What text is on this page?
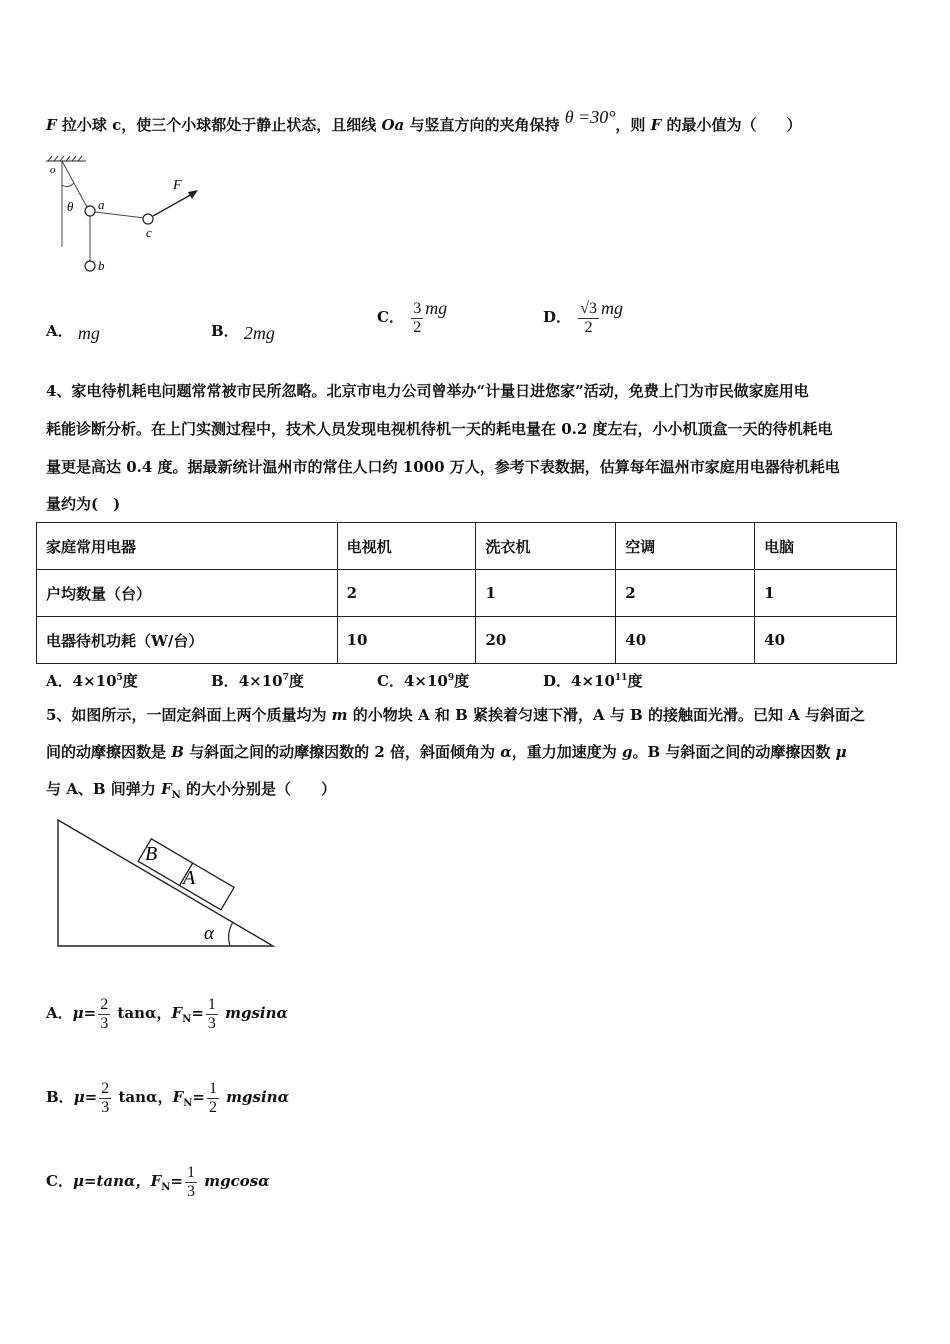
F 拉小球 c，使三个小球都处于静止状态，且细线 Oa 与竖直方向的夹角保持 θ =30°，则 F 的最小值为（　　）
o
θ a
b
c
F
A． mg	B． 2mg
C． $\frac{3}{2}$ mg	D． $\frac{√3}{2}$ mg
4、家电待机耗电问题常常被市民所忽略。北京市电力公司曾举办“计量日进您家”活动，免费上门为市民做家庭用电
耗能诊断分析。在上门实测过程中，技术人员发现电视机待机一天的耗电量在 0.2 度左右，小小机顶盒一天的待机耗电
量更是高达 0.4 度。据最新统计温州市的常住人口约 1000 万人，参考下表数据，估算每年温州市家庭用电器待机耗电
量约为(　)
家庭常用电器	电视机	洗衣机	空调	电脑
户均数量（台）	2	1	2	1
电器待机功耗（W/台）	10	20	40	40
A．$4\times 10^5$度	B．$4\times 10^7$度	C．$4\times 10^9$度	D．$4\times 10^{11}$度
5、如图所示，一固定斜面上两个质量均为 m 的小物块 A 和 B 紧挨着匀速下滑，A 与 B 的接触面光滑。已知 A 与斜面之
间的动摩擦因数是 B 与斜面之间的动摩擦因数的 2 倍，斜面倾角为 α，重力加速度为 g。B 与斜面之间的动摩擦因数 μ
与 A、B 间弹力 $F_N$ 的大小分别是（　　）
B
A
α
A．$\mu= \frac{2}{3}$ tanα，$F_N= \frac{1}{3}$ mgsinα
B．$\mu= \frac{2}{3}$ tanα，$F_N= \frac{1}{2}$ mgsinα
C．μ=tanα，$F_N= \frac{1}{3}$ mgcosα
